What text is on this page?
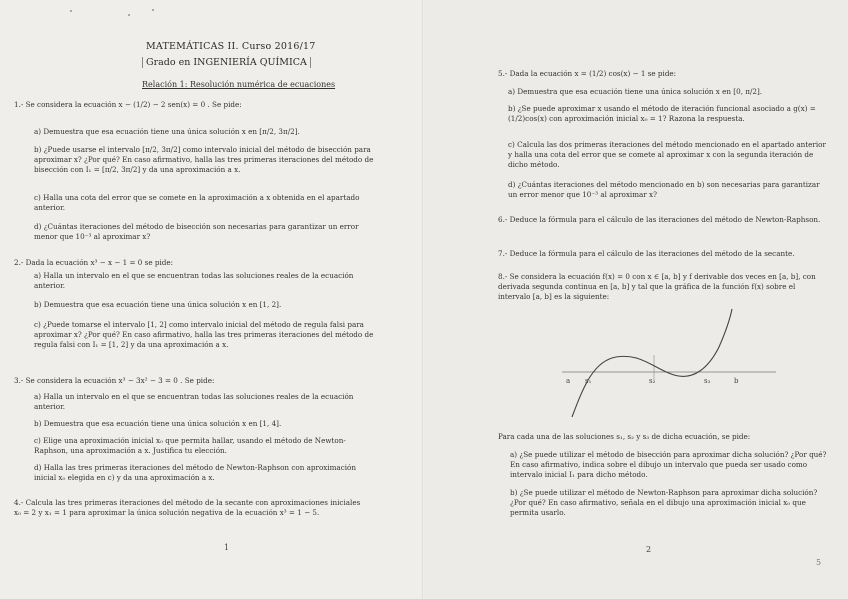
MATEMÁTICAS II. Curso 2016/17
Grado en INGENIERÍA QUÍMICA
Relación 1: Resolución numérica de ecuaciones
1.- Se considera la ecuación x − (1/2) − 2 sen(x) = 0 . Se pide:
a) Demuestra que esa ecuación tiene una única solución x en [π/2, 3π/2].
b) ¿Puede usarse el intervalo [π/2, 3π/2] como intervalo inicial del método de bisección para aproximar x? ¿Por qué? En caso afirmativo, halla las tres primeras iteraciones del método de bisección con I₁ = [π/2, 3π/2] y da una aproximación a x.
c) Halla una cota del error que se comete en la aproximación a x obtenida en el apartado anterior.
d) ¿Cuántas iteraciones del método de bisección son necesarias para garantizar un error menor que 10⁻³ al aproximar x?
2.- Dada la ecuación x³ − x − 1 = 0 se pide:
a) Halla un intervalo en el que se encuentran todas las soluciones reales de la ecuación anterior.
b) Demuestra que esa ecuación tiene una única solución x en [1, 2].
c) ¿Puede tomarse el intervalo [1, 2] como intervalo inicial del método de regula falsi para aproximar x? ¿Por qué? En caso afirmativo, halla las tres primeras iteraciones del método de regula falsi con I₁ = [1, 2] y da una aproximación a x.
3.- Se considera la ecuación x³ − 3x² − 3 = 0 . Se pide:
a) Halla un intervalo en el que se encuentran todas las soluciones reales de la ecuación anterior.
b) Demuestra que esa ecuación tiene una única solución x en [1, 4].
c) Elige una aproximación inicial x₀ que permita hallar, usando el método de Newton-Raphson, una aproximación a x. Justifica tu elección.
d) Halla las tres primeras iteraciones del método de Newton-Raphson con aproximación inicial x₀ elegida en c) y da una aproximación a x.
4.- Calcula las tres primeras iteraciones del método de la secante con aproximaciones iniciales x₀ = 2 y x₁ = 1 para aproximar la única solución negativa de la ecuación x³ = 1 − 5.
1
5.- Dada la ecuación x = (1/2) cos(x) − 1 se pide:
a) Demuestra que esa ecuación tiene una única solución x en [0, π/2].
b) ¿Se puede aproximar x usando el método de iteración funcional asociado a g(x) = (1/2)cos(x) con aproximación inicial x₀ = 1? Razona la respuesta.
c) Calcula las dos primeras iteraciones del método mencionado en el apartado anterior y halla una cota del error que se comete al aproximar x con la segunda iteración de dicho método.
d) ¿Cuántas iteraciones del método mencionado en b) son necesarias para garantizar un error menor que 10⁻³ al aproximar x?
6.- Deduce la fórmula para el cálculo de las iteraciones del método de Newton-Raphson.
7.- Deduce la fórmula para el cálculo de las iteraciones del método de la secante.
8.- Se considera la ecuación f(x) = 0 con x ∈ [a, b] y f derivable dos veces en [a, b], con derivada segunda continua en [a, b] y tal que la gráfica de la función f(x) sobre el intervalo [a, b] es la siguiente:
a s₁	s₂	s₃	b
Para cada una de las soluciones s₁, s₂ y s₃ de dicha ecuación, se pide:
a) ¿Se puede utilizar el método de bisección para aproximar dicha solución? ¿Por qué? En caso afirmativo, indica sobre el dibujo un intervalo que pueda ser usado como intervalo inicial I₁ para dicho método.
b) ¿Se puede utilizar el método de Newton-Raphson para aproximar dicha solución? ¿Por qué? En caso afirmativo, señala en el dibujo una aproximación inicial x₀ que permita usarlo.
2
5
